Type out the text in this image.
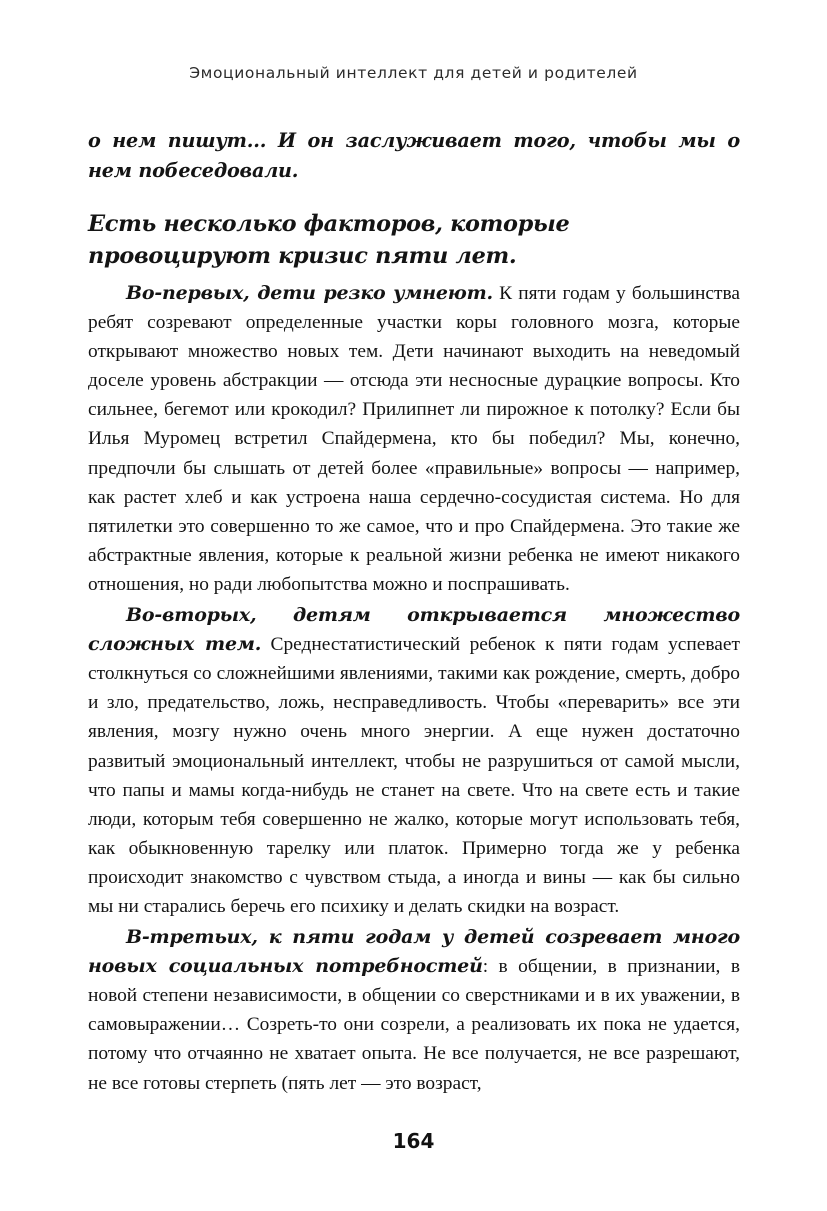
Эмоциональный интеллект для детей и родителей

о нем пишут... И он заслуживает того, чтобы мы о нем побеседовали.

Есть несколько факторов, которые провоцируют кризис пяти лет.

Во-первых, дети резко умнеют. К пяти годам у большинства ребят созревают определенные участки коры головного мозга, которые открывают множество новых тем. Дети начинают выходить на неведомый доселе уровень абстракции — отсюда эти несносные дурацкие вопросы. Кто сильнее, бегемот или крокодил? Прилипнет ли пирожное к потолку? Если бы Илья Муромец встретил Спайдермена, кто бы победил? Мы, конечно, предпочли бы слышать от детей более «правильные» вопросы — например, как растет хлеб и как устроена наша сердечно-сосудистая система. Но для пятилетки это совершенно то же самое, что и про Спайдермена. Это такие же абстрактные явления, которые к реальной жизни ребенка не имеют никакого отношения, но ради любопытства можно и поспрашивать.

Во-вторых, детям открывается множество сложных тем. Среднестатистический ребенок к пяти годам успевает столкнуться со сложнейшими явлениями, такими как рождение, смерть, добро и зло, предательство, ложь, несправедливость. Чтобы «переварить» все эти явления, мозгу нужно очень много энергии. А еще нужен достаточно развитый эмоциональный интеллект, чтобы не разрушиться от самой мысли, что папы и мамы когда-нибудь не станет на свете. Что на свете есть и такие люди, которым тебя совершенно не жалко, которые могут использовать тебя, как обыкновенную тарелку или платок. Примерно тогда же у ребенка происходит знакомство с чувством стыда, а иногда и вины — как бы сильно мы ни старались беречь его психику и делать скидки на возраст.

В-третьих, к пяти годам у детей созревает много новых социальных потребностей: в общении, в признании, в новой степени независимости, в общении со сверстниками и в их уважении, в самовыражении… Созреть-то они созрели, а реализовать их пока не удается, потому что отчаянно не хватает опыта. Не все получается, не все разрешают, не все готовы стерпеть (пять лет — это возраст,

164
